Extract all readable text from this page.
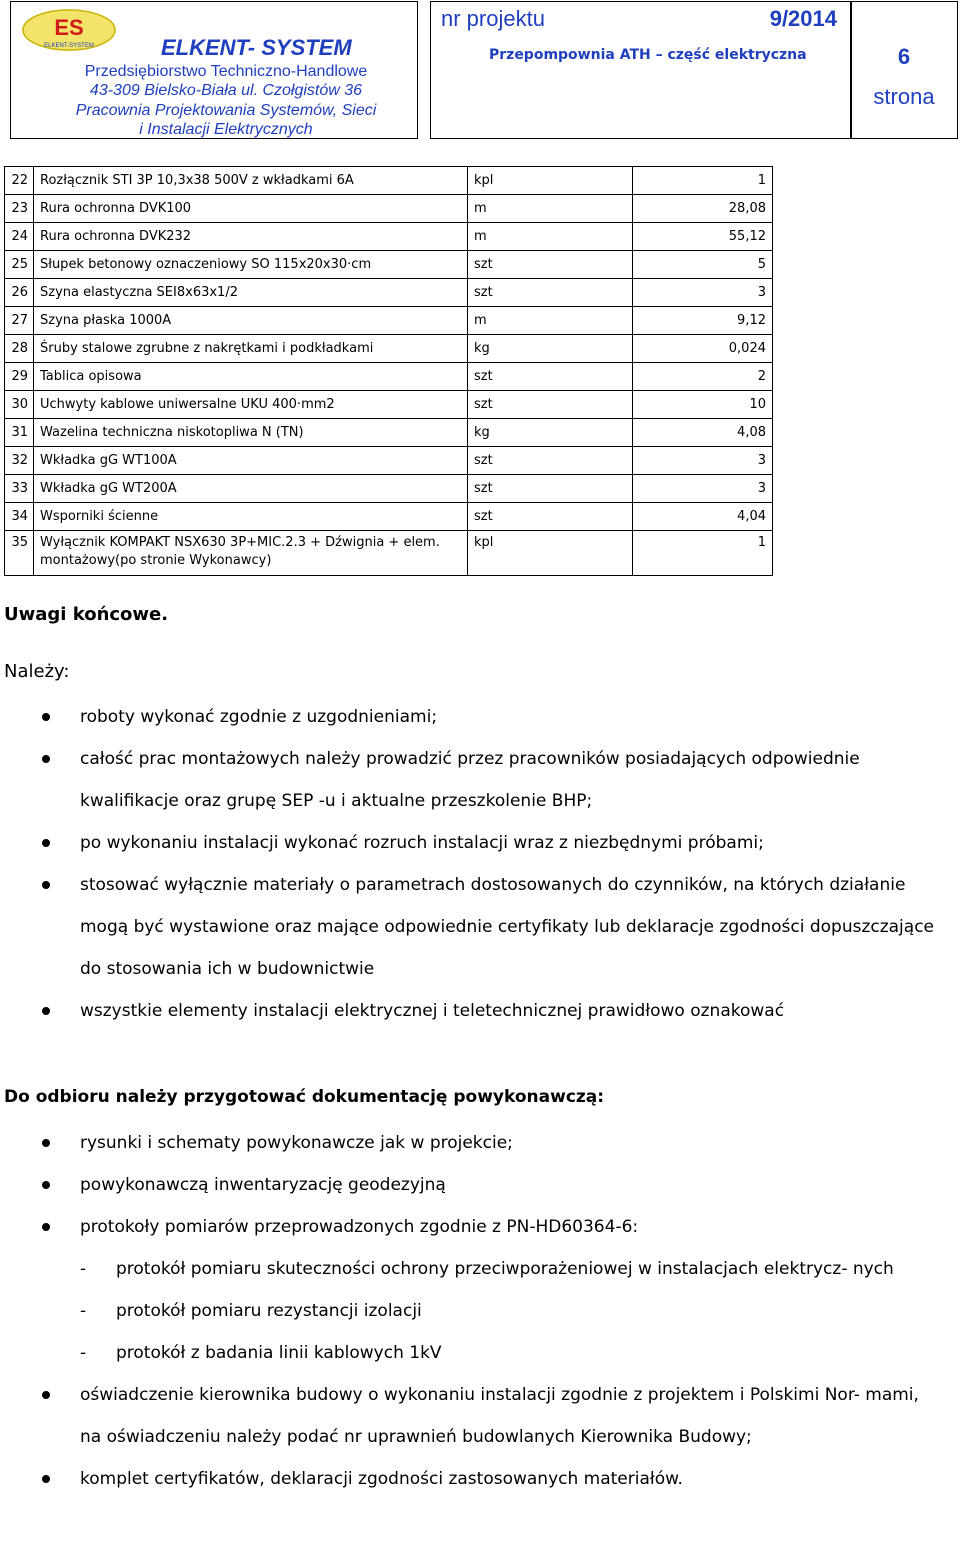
ES
ELKENT-SYSTEM	ELKENT- SYSTEM
Przedsiębiorstwo Techniczno-Handlowe
43-309 Bielsko-Biała ul. Czołgistów 36
Pracownia Projektowania Systemów, Sieci
i Instalacji Elektrycznych
nr projektu	9/2014
Przepompownia ATH – część elektryczna	6
strona
22	Rozłącznik STI 3P 10,3x38 500V z wkładkami 6A	kpl	1
23	Rura ochronna DVK100	m	28,08
24	Rura ochronna DVK232	m	55,12
25	Słupek betonowy oznaczeniowy SO 115x20x30·cm	szt	5
26	Szyna elastyczna SEI8x63x1/2	szt	3
27	Szyna płaska 1000A	m	9,12
28	Śruby stalowe zgrubne z nakrętkami i podkładkami	kg	0,024
29	Tablica opisowa	szt	2
30	Uchwyty kablowe uniwersalne UKU 400·mm2	szt	10
31	Wazelina techniczna niskotopliwa N (TN)	kg	4,08
32	Wkładka gG WT100A	szt	3
33	Wkładka gG WT200A	szt	3
34	Wsporniki ścienne	szt	4,04
35	Wyłącznik KOMPAKT NSX630 3P+MIC.2.3 + Dźwignia + elem. montażowy(po stronie Wykonawcy)	kpl	1
Uwagi końcowe.
Należy:
roboty wykonać zgodnie z uzgodnieniami;
całość prac montażowych należy prowadzić przez pracowników posiadających odpowiednie kwalifikacje oraz grupę SEP -u i aktualne przeszkolenie BHP;
po wykonaniu instalacji wykonać rozruch instalacji wraz z niezbędnymi próbami;
stosować wyłącznie materiały o parametrach dostosowanych do czynników, na których działanie mogą być wystawione oraz mające odpowiednie certyfikaty lub deklaracje zgodności dopuszczające do stosowania ich w budownictwie
wszystkie elementy instalacji elektrycznej i teletechnicznej prawidłowo oznakować
Do odbioru należy przygotować dokumentację powykonawczą:
rysunki i schematy powykonawcze jak w projekcie;
powykonawczą inwentaryzację geodezyjną
protokoły pomiarów przeprowadzonych zgodnie z PN-HD60364-6:
- protokół pomiaru skuteczności ochrony przeciwporażeniowej w instalacjach elektrycz- nych
- protokół pomiaru rezystancji izolacji
- protokół z badania linii kablowych 1kV
oświadczenie kierownika budowy o wykonaniu instalacji zgodnie z projektem i Polskimi Nor- mami, na oświadczeniu należy podać nr uprawnień budowlanych Kierownika Budowy;
komplet certyfikatów, deklaracji zgodności zastosowanych materiałów.
